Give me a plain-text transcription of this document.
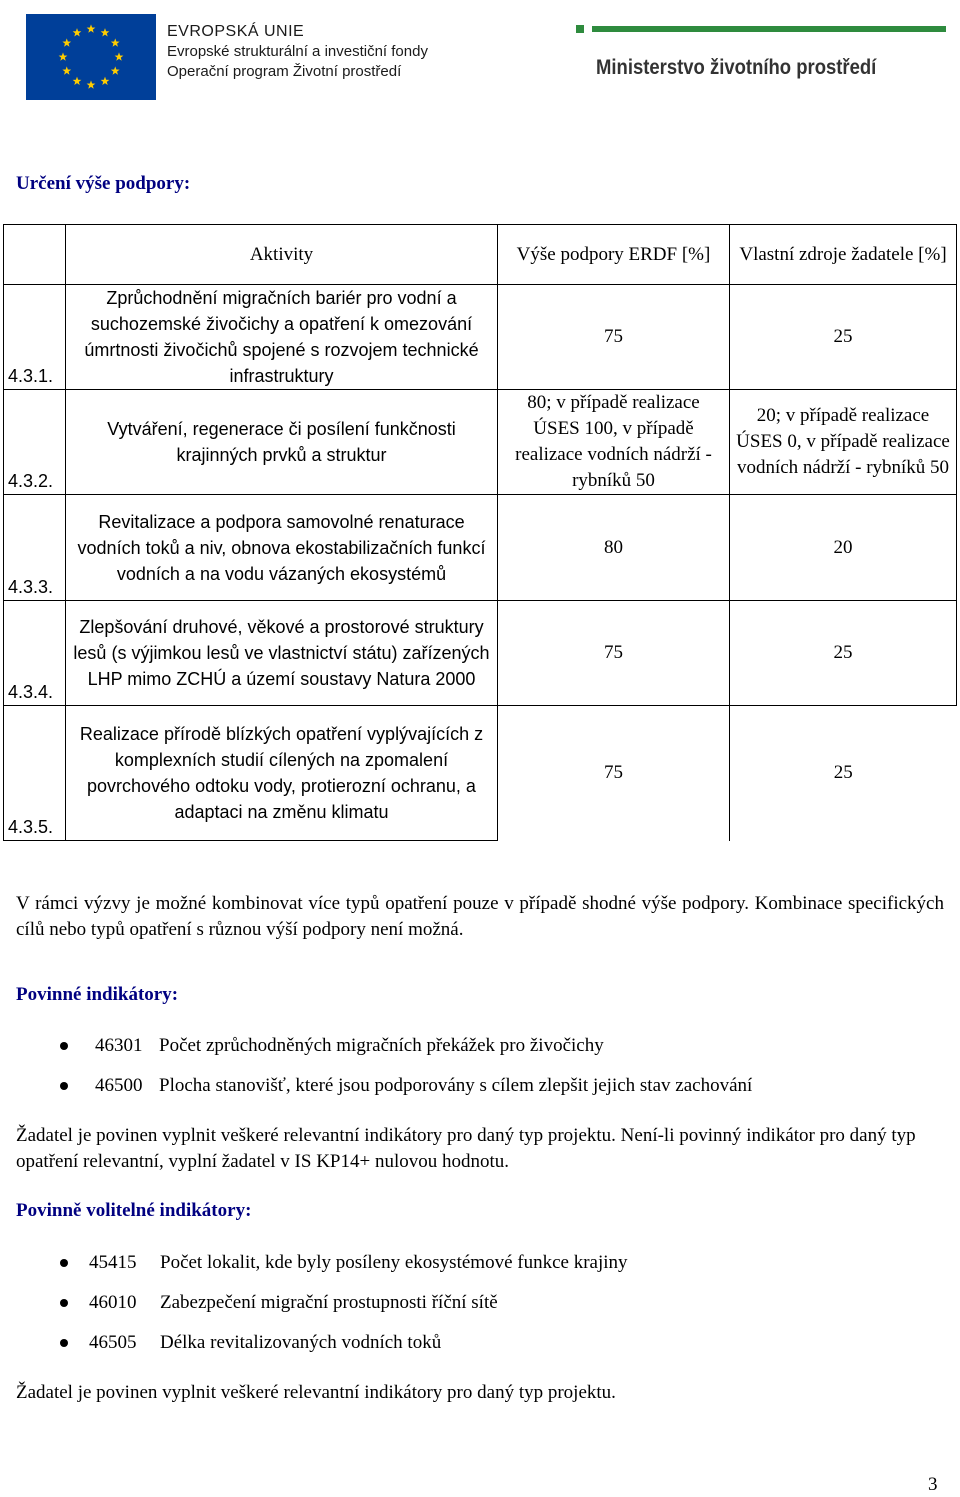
EVROPSKÁ UNIE
Evropské strukturální a investiční fondy
Operační program Životní prostředí	Ministerstvo životního prostředí
Určení výše podpory:
	Aktivity	Výše podpory ERDF [%]	Vlastní zdroje žadatele [%]
4.3.1.	Zprůchodnění migračních bariér pro vodní a suchozemské živočichy a opatření k omezování úmrtnosti živočichů spojené s rozvojem technické infrastruktury	75	25
4.3.2.	Vytváření, regenerace či posílení funkčnosti krajinných prvků a struktur	80; v případě realizace ÚSES 100, v případě realizace vodních nádrží - rybníků 50	20; v případě realizace ÚSES 0, v případě realizace vodních nádrží - rybníků 50
4.3.3.	Revitalizace a podpora samovolné renaturace vodních toků a niv, obnova ekostabilizačních funkcí vodních a na vodu vázaných ekosystémů	80	20
4.3.4.	Zlepšování druhové, věkové a prostorové struktury lesů (s výjimkou lesů ve vlastnictví státu) zařízených LHP mimo ZCHÚ a území soustavy Natura 2000	75	25
4.3.5.	Realizace přírodě blízkých opatření vyplývajících z komplexních studií cílených na zpomalení povrchového odtoku vody, protierozní ochranu, a adaptaci na změnu klimatu	75	25
V rámci výzvy je možné kombinovat více typů opatření pouze v případě shodné výše podpory. Kombinace specifických cílů nebo typů opatření s různou výší podpory není možná.
Povinné indikátory:
46301 Počet zprůchodněných migračních překážek pro živočichy
46500 Plocha stanovišť, které jsou podporovány s cílem zlepšit jejich stav zachování
Žadatel je povinen vyplnit veškeré relevantní indikátory pro daný typ projektu. Není-li povinný indikátor pro daný typ opatření relevantní, vyplní žadatel v IS KP14+ nulovou hodnotu.
Povinně volitelné indikátory:
45415 Počet lokalit, kde byly posíleny ekosystémové funkce krajiny
46010 Zabezpečení migrační prostupnosti říční sítě
46505 Délka revitalizovaných vodních toků
Žadatel je povinen vyplnit veškeré relevantní indikátory pro daný typ projektu.
3
